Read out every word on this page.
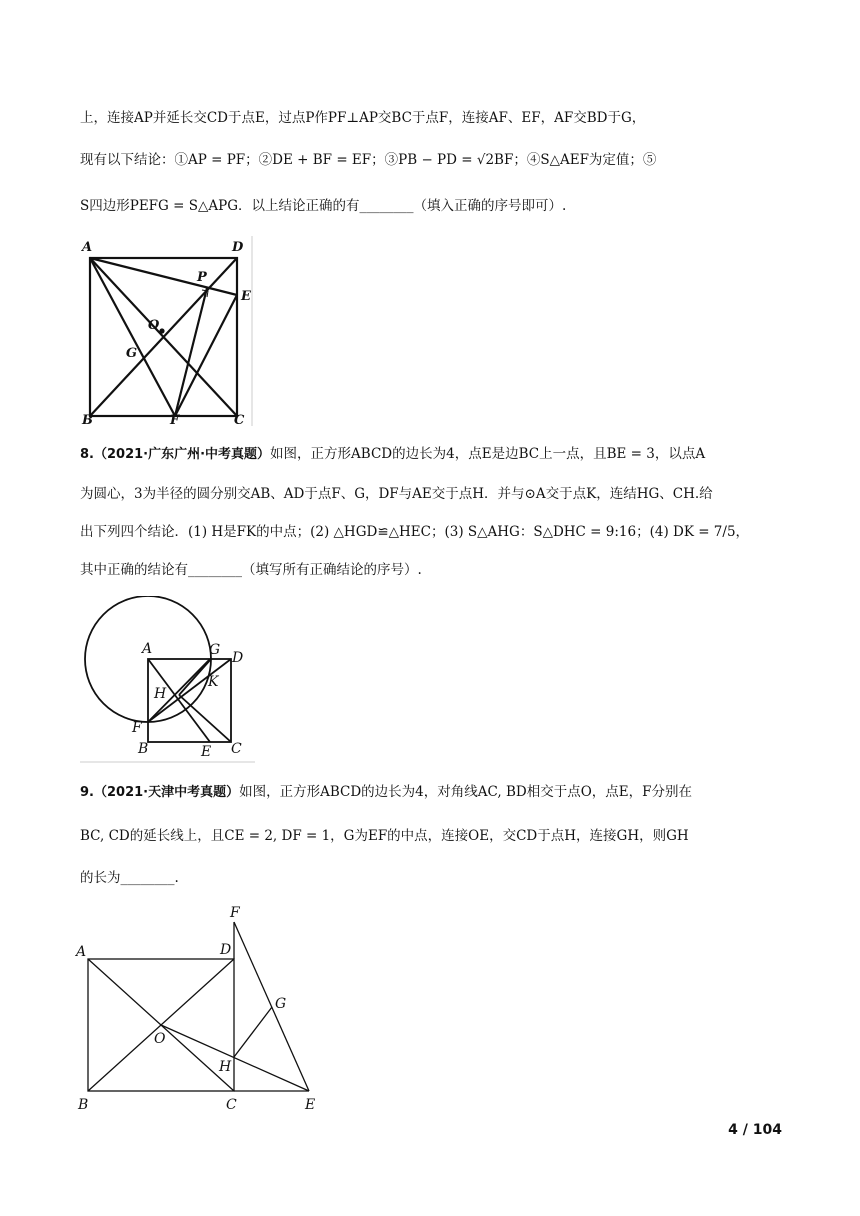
上，连接AP并延长交CD于点E，过点P作PF⊥AP交BC于点F，连接AF、EF，AF交BD于G，
现有以下结论：①AP = PF；②DE + BF = EF；③PB − PD = √2BF；④S△AEF为定值；⑤
S四边形PEFG = S△APG．以上结论正确的有________（填入正确的序号即可）.
A	D
P
E
O
G
B	F	C
8.（2021·广东广州·中考真题）如图，正方形ABCD的边长为4，点E是边BC上一点，且BE = 3，以点A
为圆心，3为半径的圆分别交AB、AD于点F、G，DF与AE交于点H．并与⊙A交于点K，连结HG、CH.给
出下列四个结论．(1) H是FK的中点；(2) △HGD≌△HEC；(3) S△AHG：S△DHC = 9:16；(4) DK = 7/5，
其中正确的结论有________（填写所有正确结论的序号）.
A	G D
K
H
F
B	E C
9.（2021·天津中考真题）如图，正方形ABCD的边长为4，对角线AC, BD相交于点O，点E，F分别在
BC, CD的延长线上，且CE = 2, DF = 1，G为EF的中点，连接OE，交CD于点H，连接GH，则GH
的长为________.
F
A	D
G
O
H
B	C	E
4 / 104
